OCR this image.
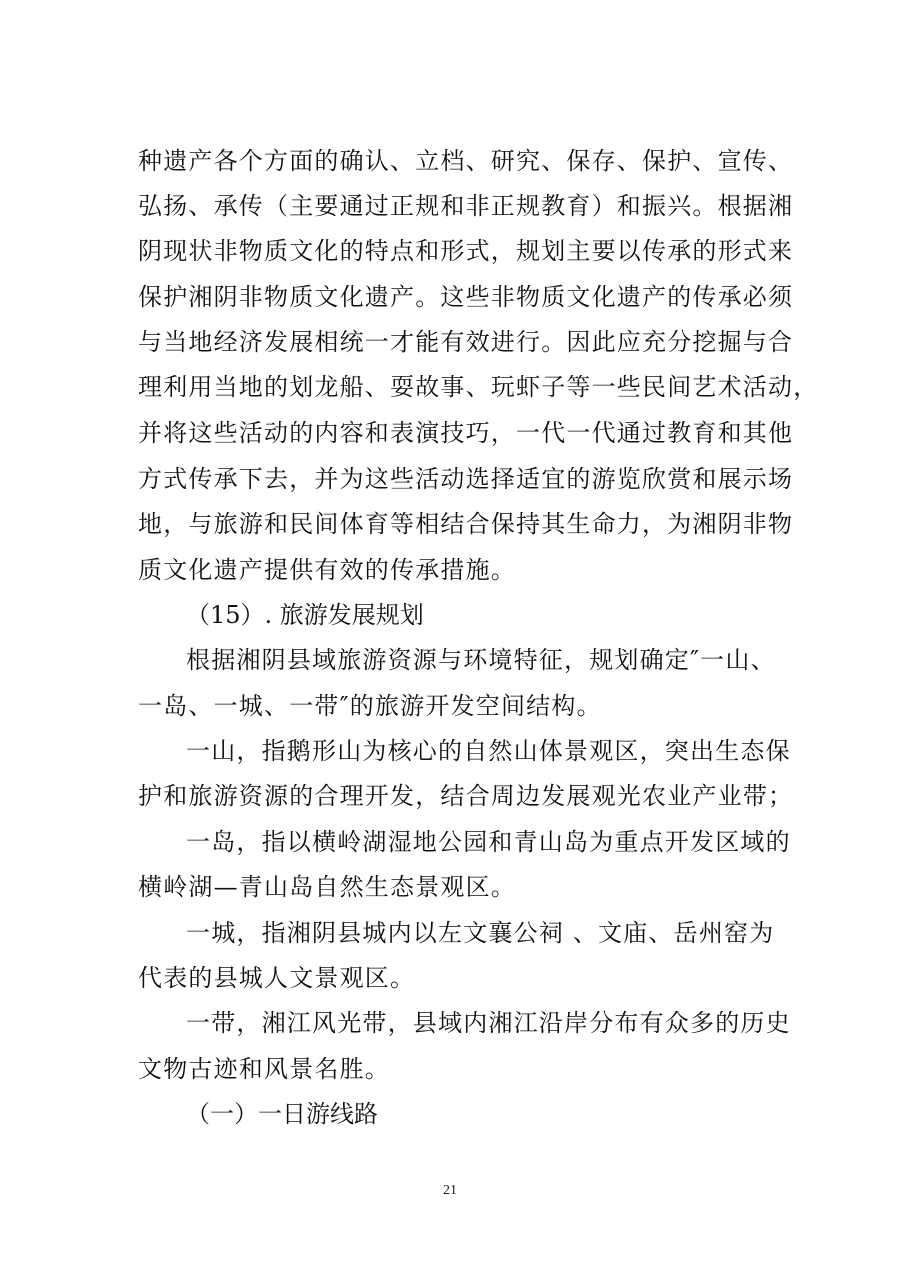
种遗产各个方面的确认、立档、研究、保存、保护、宣传、
弘扬、承传（主要通过正规和非正规教育）和振兴。根据湘
阴现状非物质文化的特点和形式，规划主要以传承的形式来
保护湘阴非物质文化遗产。这些非物质文化遗产的传承必须
与当地经济发展相统一才能有效进行。因此应充分挖掘与合
理利用当地的划龙船、耍故事、玩虾子等一些民间艺术活动，
并将这些活动的内容和表演技巧，一代一代通过教育和其他
方式传承下去，并为这些活动选择适宜的游览欣赏和展示场
地，与旅游和民间体育等相结合保持其生命力，为湘阴非物
质文化遗产提供有效的传承措施。
（15）. 旅游发展规划
根据湘阴县域旅游资源与环境特征，规划确定″一山、
一岛、一城、一带″的旅游开发空间结构。
一山，指鹅形山为核心的自然山体景观区，突出生态保
护和旅游资源的合理开发，结合周边发展观光农业产业带；
一岛，指以横岭湖湿地公园和青山岛为重点开发区域的
横岭湖—青山岛自然生态景观区。
一城，指湘阴县城内以左文襄公祠 、文庙、岳州窑为
代表的县城人文景观区。
一带，湘江风光带，县域内湘江沿岸分布有众多的历史
文物古迹和风景名胜。
（一）一日游线路
21
